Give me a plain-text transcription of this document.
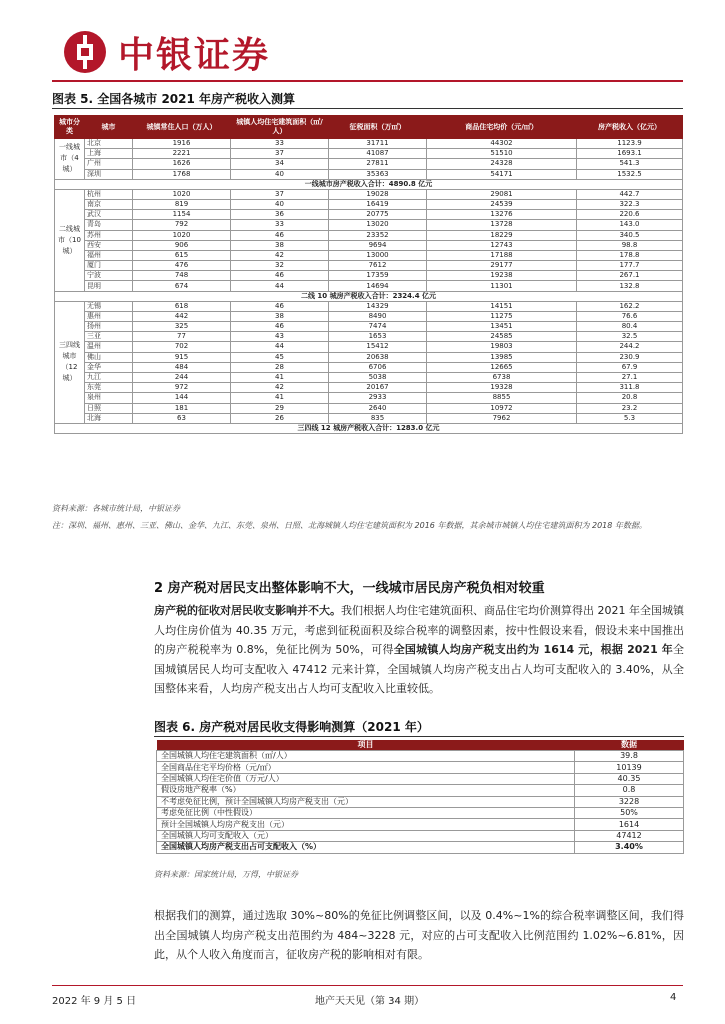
中银证券
图表 5. 全国各城市 2021 年房产税收入测算
城市分类	城市	城镇常住人口（万人）	城镇人均住宅建筑面积（㎡/人）	征税面积（万㎡）	商品住宅均价（元/㎡）	房产税收入（亿元）
一线城市（4城）	北京	1916	33	31711	44302	1123.9
	上海	2221	37	41087	51510	1693.1
	广州	1626	34	27811	24328	541.3
	深圳	1768	40	35363	54171	1532.5
一线城市房产税收入合计：4890.8 亿元						
二线城市（10城）	杭州	1020	37	19028	29081	442.7
	南京	819	40	16419	24539	322.3
	武汉	1154	36	20775	13276	220.6
	青岛	792	33	13020	13728	143.0
	苏州	1020	46	23352	18229	340.5
	西安	906	38	9694	12743	98.8
	福州	615	42	13000	17188	178.8
	厦门	476	32	7612	29177	177.7
	宁波	748	46	17359	19238	267.1
	昆明	674	44	14694	11301	132.8
二线 10 城房产税收入合计：2324.4 亿元						
三四线城市（12城）	无锡	618	46	14329	14151	162.2
	惠州	442	38	8490	11275	76.6
	扬州	325	46	7474	13451	80.4
	三亚	77	43	1653	24585	32.5
	温州	702	44	15412	19803	244.2
	佛山	915	45	20638	13985	230.9
	金华	484	28	6706	12665	67.9
	九江	244	41	5038	6738	27.1
	东莞	972	42	20167	19328	311.8
	泉州	144	41	2933	8855	20.8
	日照	181	29	2640	10972	23.2
	北海	63	26	835	7962	5.3
三四线 12 城房产税收入合计：1283.0 亿元						
资料来源：各城市统计局，中银证券
注：深圳、福州、惠州、三亚、佛山、金华、九江、东莞、泉州、日照、北海城镇人均住宅建筑面积为 2016 年数据，其余城市城镇人均住宅建筑面积为 2018 年数据。
2 房产税对居民支出整体影响不大，一线城市居民房产税负相对较重
房产税的征收对居民收支影响并不大。我们根据人均住宅建筑面积、商品住宅均价测算得出 2021 年全国城镇人均住房价值为 40.35 万元，考虑到征税面积及综合税率的调整因素，按中性假设来看，假设未来中国推出的房产税税率为 0.8%，免征比例为 50%，可得全国城镇人均房产税支出约为 1614 元，根据 2021 年全国城镇居民人均可支配收入 47412 元来计算，全国城镇人均房产税支出占人均可支配收入的 3.40%，从全国整体来看，人均房产税支出占人均可支配收入比重较低。
图表 6. 房产税对居民收支得影响测算（2021 年）
项目	数据
全国城镇人均住宅建筑面积（㎡/人）	39.8
全国商品住宅平均价格（元/㎡）	10139
全国城镇人均住宅价值（万元/人）	40.35
假设房地产税率（%）	0.8
不考虑免征比例，预计全国城镇人均房产税支出（元）	3228
考虑免征比例（中性假设）	50%
预计全国城镇人均房产税支出（元）	1614
全国城镇人均可支配收入（元）	47412
全国城镇人均房产税支出占可支配收入（%）	3.40%
资料来源：国家统计局，万得，中银证券
根据我们的测算，通过选取 30%~80%的免征比例调整区间，以及 0.4%~1%的综合税率调整区间，我们得出全国城镇人均房产税支出范围约为 484~3228 元，对应的占可支配收入比例范围约 1.02%~6.81%，因此，从个人收入角度而言，征收房产税的影响相对有限。
2022 年 9 月 5 日	地产天天见（第 34 期）	4
